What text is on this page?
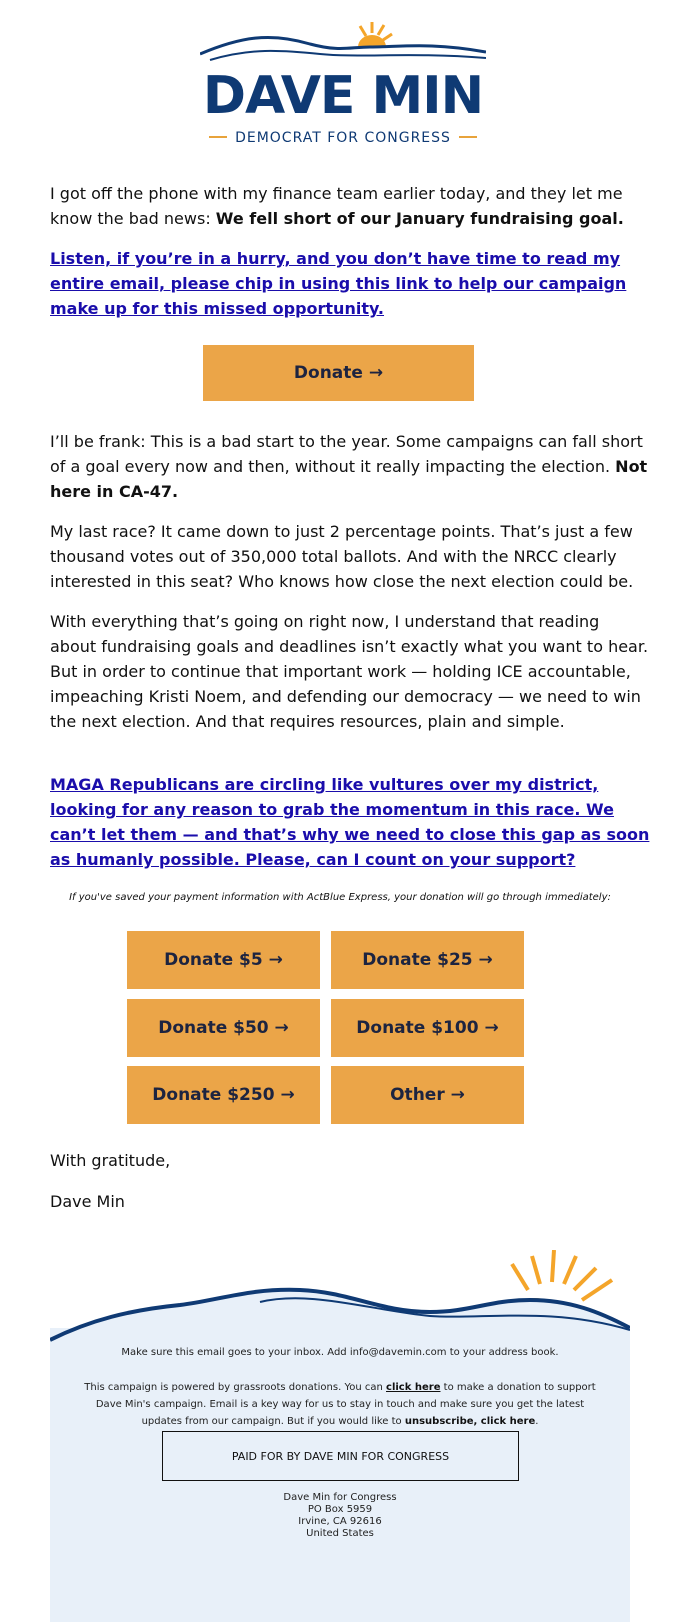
DAVE MIN
DEMOCRAT FOR CONGRESS

I got off the phone with my finance team earlier today, and they let me know the bad news: We fell short of our January fundraising goal.

Listen, if you’re in a hurry, and you don’t have time to read my entire email, please chip in using this link to help our campaign make up for this missed opportunity.
Donate →

I’ll be frank: This is a bad start to the year. Some campaigns can fall short of a goal every now and then, without it really impacting the election. Not here in CA-47.

My last race? It came down to just 2 percentage points. That’s just a few thousand votes out of 350,000 total ballots. And with the NRCC clearly interested in this seat? Who knows how close the next election could be.

With everything that’s going on right now, I understand that reading about fundraising goals and deadlines isn’t exactly what you want to hear. But in order to continue that important work — holding ICE accountable, impeaching Kristi Noem, and defending our democracy — we need to win the next election. And that requires resources, plain and simple.

MAGA Republicans are circling like vultures over my district, looking for any reason to grab the momentum in this race. We can’t let them — and that’s why we need to close this gap as soon as humanly possible. Please, can I count on your support?
If you've saved your payment information with ActBlue Express, your donation will go through immediately:
Donate $5 →	Donate $25 →
Donate $50 →	Donate $100 →
Donate $250 →	Other →

With gratitude,

Dave Min

Make sure this email goes to your inbox. Add info@davemin.com to your address book.
This campaign is powered by grassroots donations. You can click here to make a donation to support Dave Min's campaign. Email is a key way for us to stay in touch and make sure you get the latest updates from our campaign. But if you would like to unsubscribe, click here.
PAID FOR BY DAVE MIN FOR CONGRESS
Dave Min for Congress
PO Box 5959
Irvine, CA 92616
United States
